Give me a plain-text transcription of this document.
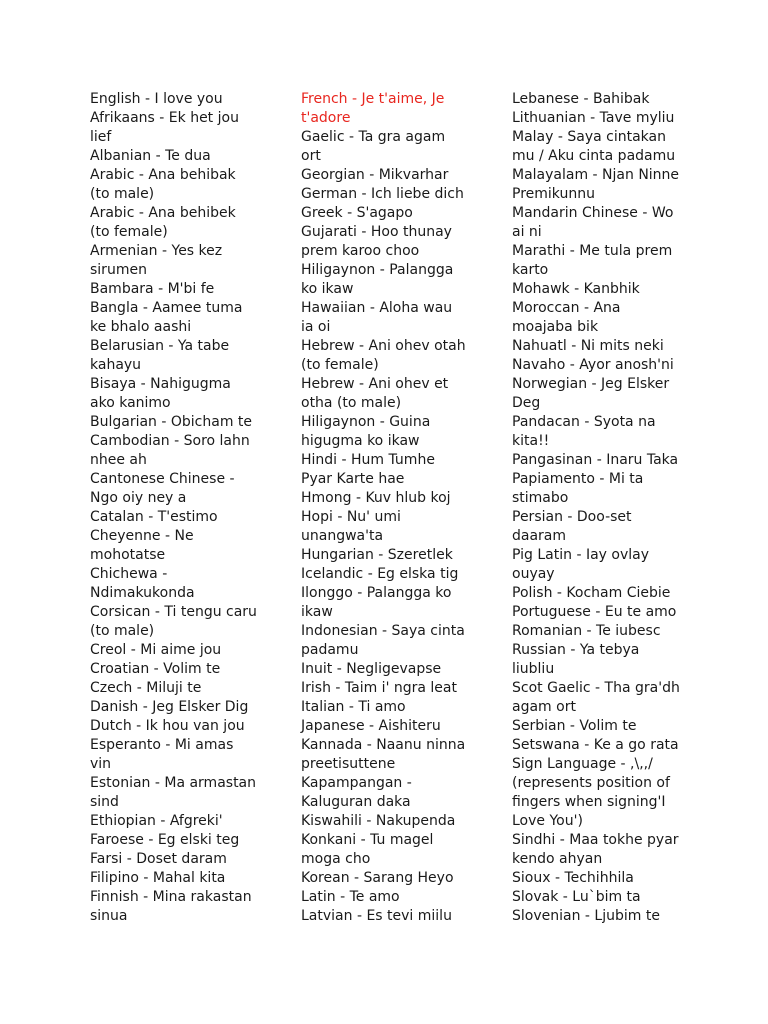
English - I love you

Afrikaans - Ek het jou

lief

Albanian - Te dua

Arabic - Ana behibak

(to male)

Arabic - Ana behibek

(to female)

Armenian - Yes kez

sirumen

Bambara - M'bi fe

Bangla - Aamee tuma

ke bhalo aashi

Belarusian - Ya tabe

kahayu

Bisaya - Nahigugma

ako kanimo

Bulgarian - Obicham te

Cambodian - Soro lahn

nhee ah

Cantonese Chinese -

Ngo oiy ney a

Catalan - T'estimo

Cheyenne - Ne

mohotatse

Chichewa -

Ndimakukonda

Corsican - Ti tengu caru

(to male)

Creol - Mi aime jou

Croatian - Volim te

Czech - Miluji te

Danish - Jeg Elsker Dig

Dutch - Ik hou van jou

Esperanto - Mi amas

vin

Estonian - Ma armastan

sind

Ethiopian - Afgreki'

Faroese - Eg elski teg

Farsi - Doset daram

Filipino - Mahal kita

Finnish - Mina rakastan

sinua

French - Je t'aime, Je

t'adore

Gaelic - Ta gra agam

ort

Georgian - Mikvarhar

German - Ich liebe dich

Greek - S'agapo

Gujarati - Hoo thunay

prem karoo choo

Hiligaynon - Palangga

ko ikaw

Hawaiian - Aloha wau

ia oi

Hebrew - Ani ohev otah

(to female)

Hebrew - Ani ohev et

otha (to male)

Hiligaynon - Guina

higugma ko ikaw

Hindi - Hum Tumhe

Pyar Karte hae

Hmong - Kuv hlub koj

Hopi - Nu' umi

unangwa'ta

Hungarian - Szeretlek

Icelandic - Eg elska tig

Ilonggo - Palangga ko

ikaw

Indonesian - Saya cinta

padamu

Inuit - Negligevapse

Irish - Taim i' ngra leat

Italian - Ti amo

Japanese - Aishiteru

Kannada - Naanu ninna

preetisuttene

Kapampangan -

Kaluguran daka

Kiswahili - Nakupenda

Konkani - Tu magel

moga cho

Korean - Sarang Heyo

Latin - Te amo

Latvian - Es tevi miilu

Lebanese - Bahibak

Lithuanian - Tave myliu

Malay - Saya cintakan

mu / Aku cinta padamu

Malayalam - Njan Ninne

Premikunnu

Mandarin Chinese - Wo

ai ni

Marathi - Me tula prem

karto

Mohawk - Kanbhik

Moroccan - Ana

moajaba bik

Nahuatl - Ni mits neki

Navaho - Ayor anosh'ni

Norwegian - Jeg Elsker

Deg

Pandacan - Syota na

kita!!

Pangasinan - Inaru Taka

Papiamento - Mi ta

stimabo

Persian - Doo-set

daaram

Pig Latin - Iay ovlay

ouyay

Polish - Kocham Ciebie

Portuguese - Eu te amo

Romanian - Te iubesc

Russian - Ya tebya

liubliu

Scot Gaelic - Tha gra'dh

agam ort

Serbian - Volim te

Setswana - Ke a go rata

Sign Language - ,\,,/

(represents position of

fingers when signing'I

Love You')

Sindhi - Maa tokhe pyar

kendo ahyan

Sioux - Techihhila

Slovak - Lu`bim ta

Slovenian - Ljubim te
